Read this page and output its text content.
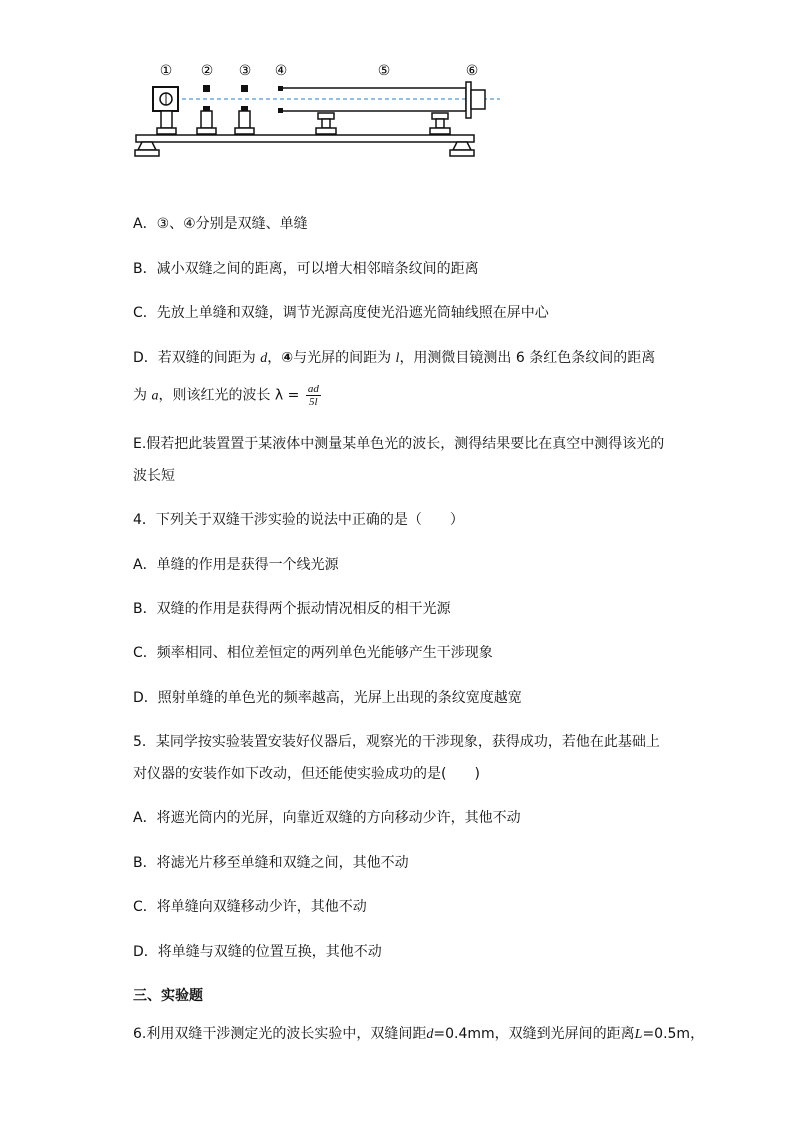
① ② ③ ④	⑤	⑥
A．③、④分别是双缝、单缝
B．减小双缝之间的距离，可以增大相邻暗条纹间的距离
C．先放上单缝和双缝，调节光源高度使光沿遮光筒轴线照在屏中心
D．若双缝的间距为 d，④与光屏的间距为 l，用测微目镜测出 6 条红色条纹间的距离
为 a，则该红光的波长 $\lambda = \frac{ad}{5l}$
E.假若把此装置置于某液体中测量某单色光的波长，测得结果要比在真空中测得该光的
波长短
4．下列关于双缝干涉实验的说法中正确的是（　　）
A．单缝的作用是获得一个线光源
B．双缝的作用是获得两个振动情况相反的相干光源
C．频率相同、相位差恒定的两列单色光能够产生干涉现象
D．照射单缝的单色光的频率越高，光屏上出现的条纹宽度越宽
5．某同学按实验装置安装好仪器后，观察光的干涉现象，获得成功，若他在此基础上
对仪器的安装作如下改动，但还能使实验成功的是(　　)
A．将遮光筒内的光屏，向靠近双缝的方向移动少许，其他不动
B．将滤光片移至单缝和双缝之间，其他不动
C．将单缝向双缝移动少许，其他不动
D．将单缝与双缝的位置互换，其他不动
三、实验题
6.利用双缝干涉测定光的波长实验中，双缝间距d=0.4mm，双缝到光屏间的距离L=0.5m，
